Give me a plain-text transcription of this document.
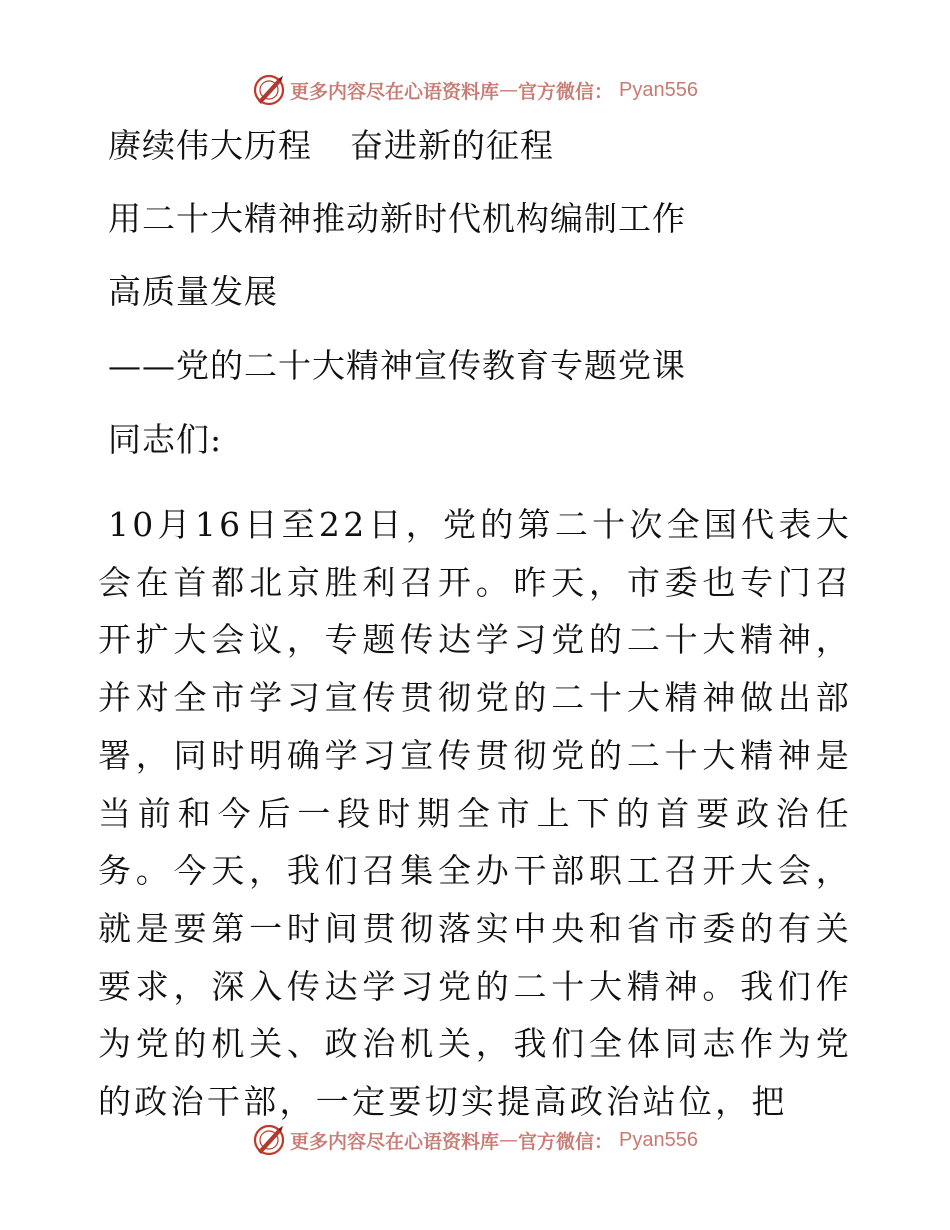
更多内容尽在心语资料库 — 官方微信： Pyan556
赓续伟大历程 奋进新的征程
用二十大精神推动新时代机构编制工作
高质量发展
——党的二十大精神宣传教育专题党课
同志们:

10月16日至22日，党的第二十次全国代表大会在首都北京胜利召开。昨天，市委也专门召开扩大会议，专题传达学习党的二十大精神，并对全市学习宣传贯彻党的二十大精神做出部署，同时明确学习宣传贯彻党的二十大精神是当前和今后一段时期全市上下的首要政治任务。今天，我们召集全办干部职工召开大会，就是要第一时间贯彻落实中央和省市委的有关要求，深入传达学习党的二十大精神。我们作为党的机关、政治机关，我们全体同志作为党的政治干部，一定要切实提高政治站位，把

更多内容尽在心语资料库 — 官方微信： Pyan556
